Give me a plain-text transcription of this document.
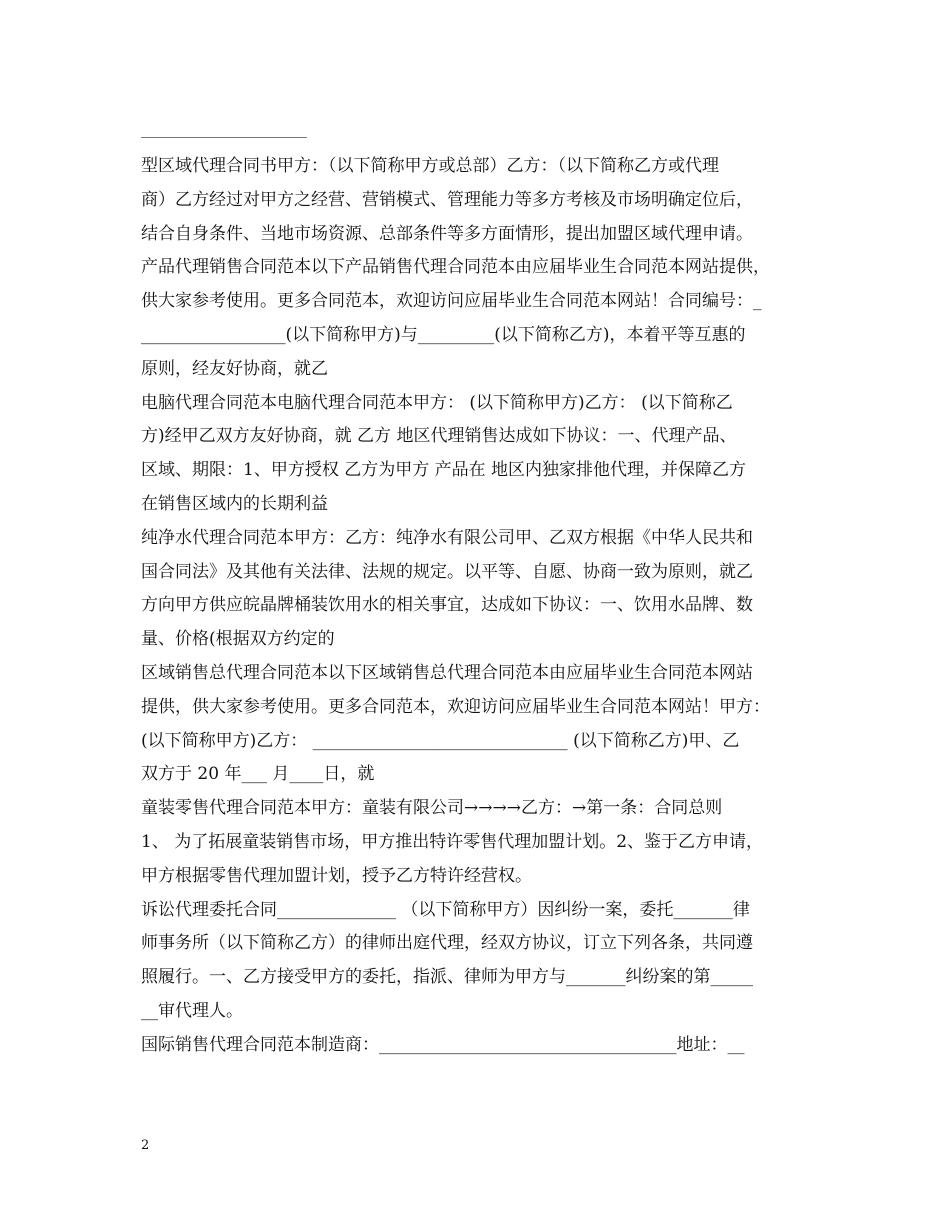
型区域代理合同书甲方：（以下简称甲方或总部）乙方：（以下简称乙方或代理
商）乙方经过对甲方之经营、营销模式、管理能力等多方考核及市场明确定位后，
结合自身条件、当地市场资源、总部条件等多方面情形，提出加盟区域代理申请。
产品代理销售合同范本以下产品销售代理合同范本由应届毕业生合同范本网站提供，
供大家参考使用。更多合同范本，欢迎访问应届毕业生合同范本网站！合同编号：_
_________________(以下简称甲方)与_________(以下简称乙方)，本着平等互惠的
原则，经友好协商，就乙
电脑代理合同范本电脑代理合同范本甲方： (以下简称甲方)乙方： (以下简称乙
方)经甲乙双方友好协商，就 乙方 地区代理销售达成如下协议：一、代理产品、
区域、期限：1、甲方授权 乙方为甲方 产品在 地区内独家排他代理，并保障乙方
在销售区域内的长期利益
纯净水代理合同范本甲方：乙方：纯净水有限公司甲、乙双方根据《中华人民共和
国合同法》及其他有关法律、法规的规定。以平等、自愿、协商一致为原则，就乙
方向甲方供应皖晶牌桶装饮用水的相关事宜，达成如下协议：一、饮用水品牌、数
量、价格(根据双方约定的
区域销售总代理合同范本以下区域销售总代理合同范本由应届毕业生合同范本网站
提供，供大家参考使用。更多合同范本，欢迎访问应届毕业生合同范本网站！甲方：
(以下简称甲方)乙方： ______________________________ (以下简称乙方)甲、乙
双方于 20 年___ 月____日，就
童装零售代理合同范本甲方：童装有限公司→→→→乙方：→第一条：合同总则
1、 为了拓展童装销售市场，甲方推出特许零售代理加盟计划。2、鉴于乙方申请，
甲方根据零售代理加盟计划，授予乙方特许经营权。
诉讼代理委托合同______________ （以下简称甲方）因纠纷一案，委托_______律
师事务所（以下简称乙方）的律师出庭代理，经双方协议，订立下列各条，共同遵
照履行。一、乙方接受甲方的委托，指派、律师为甲方与_______纠纷案的第_____
__审代理人。
国际销售代理合同范本制造商：___________________________________地址：__
2
